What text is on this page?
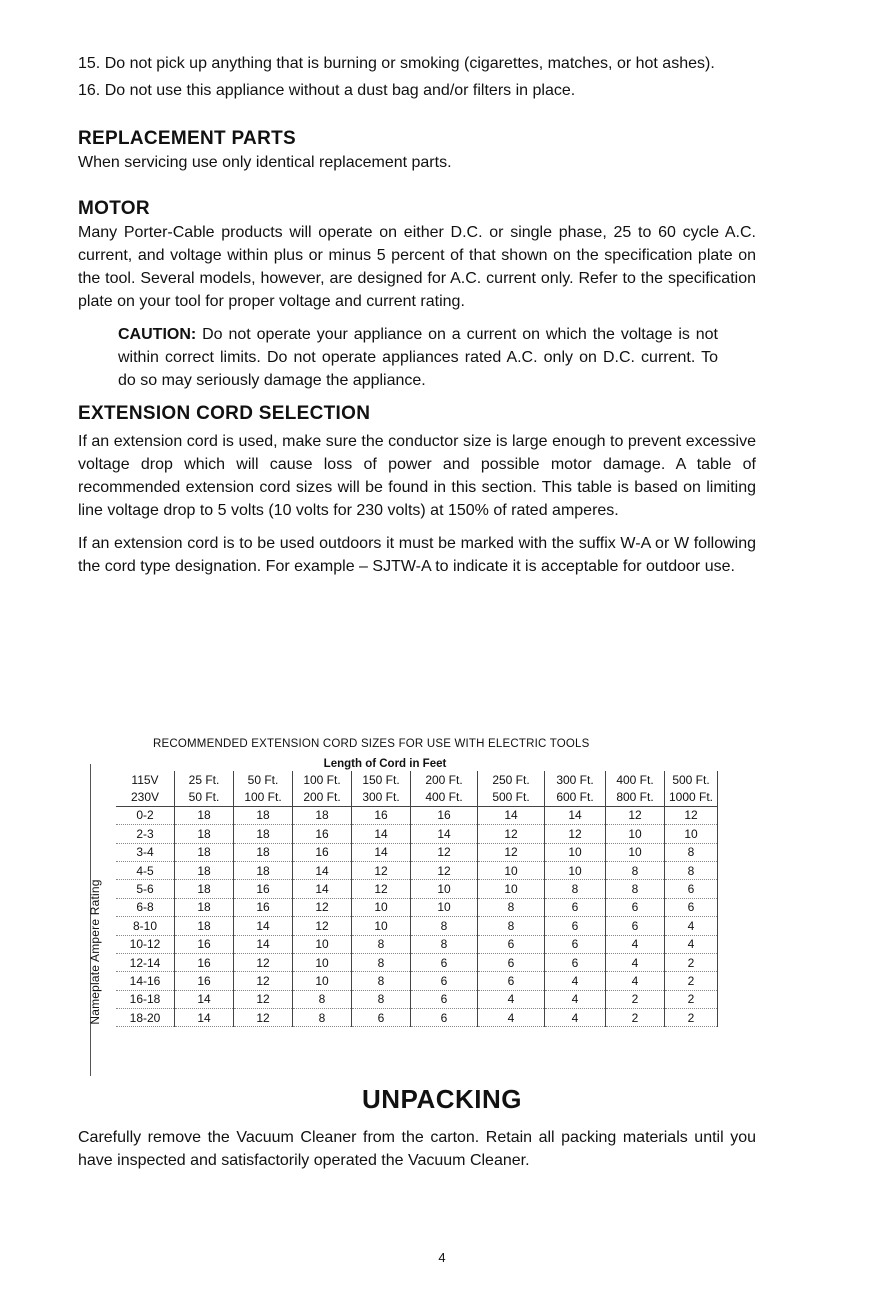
15. Do not pick up anything that is burning or smoking (cigarettes, matches, or hot ashes).

16. Do not use this appliance without a dust bag and/or filters in place.

REPLACEMENT PARTS

When servicing use only identical replacement parts.

MOTOR

Many Porter-Cable products will operate on either D.C. or single phase, 25 to 60 cycle A.C. current, and voltage within plus or minus 5 percent of that shown on the specification plate on the tool. Several models, however, are designed for A.C. current only. Refer to the specification plate on your tool for proper voltage and current rating.

CAUTION: Do not operate your appliance on a current on which the voltage is not within correct limits. Do not operate appliances rated A.C. only on D.C. current. To do so may seriously damage the appliance.

EXTENSION CORD SELECTION

If an extension cord is used, make sure the conductor size is large enough to prevent excessive voltage drop which will cause loss of power and possible motor damage. A table of recommended extension cord sizes will be found in this section. This table is based on limiting line voltage drop to 5 volts (10 volts for 230 volts) at 150% of rated amperes.

If an extension cord is to be used outdoors it must be marked with the suffix W-A or W following the cord type designation. For example – SJTW-A to indicate it is acceptable for outdoor use.

RECOMMENDED EXTENSION CORD SIZES FOR USE WITH ELECTRIC TOOLS
Nameplate Ampere Rating
			Length of Cord in Feet						
115V	25 Ft.	50 Ft.	100 Ft.	150 Ft.	200 Ft.	250 Ft.	300 Ft.	400 Ft.	500 Ft.
230V	50 Ft.	100 Ft.	200 Ft.	300 Ft.	400 Ft.	500 Ft.	600 Ft.	800 Ft.	1000 Ft.
0-2	18	18	18	16	16	14	14	12	12
2-3	18	18	16	14	14	12	12	10	10
3-4	18	18	16	14	12	12	10	10	8
4-5	18	18	14	12	12	10	10	8	8
5-6	18	16	14	12	10	10	8	8	6
6-8	18	16	12	10	10	8	6	6	6
8-10	18	14	12	10	8	8	6	6	4
10-12	16	14	10	8	8	6	6	4	4
12-14	16	12	10	8	6	6	6	4	2
14-16	16	12	10	8	6	6	4	4	2
16-18	14	12	8	8	6	4	4	2	2
18-20	14	12	8	6	6	4	4	2	2
UNPACKING
Carefully remove the Vacuum Cleaner from the carton. Retain all packing materials until you have inspected and satisfactorily operated the Vacuum Cleaner.
4
